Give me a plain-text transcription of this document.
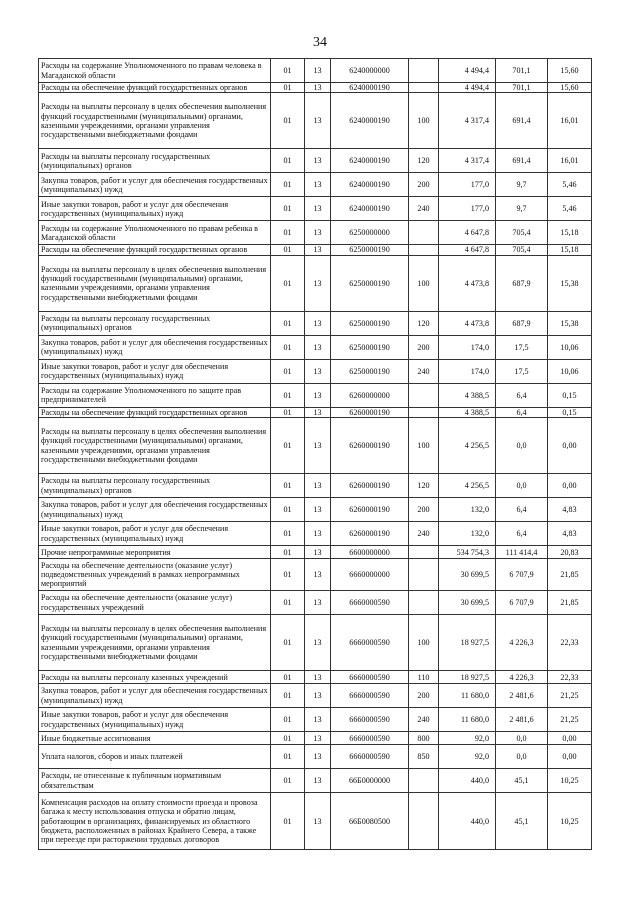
34
Расходы на содержание Уполномоченного по правам человека в Магаданской области	01	13	6240000000		4 494,4	701,1	15,60
Расходы на обеспечение функций государственных органов	01	13	6240000190		4 494,4	701,1	15,60
Расходы на выплаты персоналу в целях обеспечения выполнения функций государственными (муниципальными) органами, казенными учреждениями, органами управления государственными внебюджетными фондами	01	13	6240000190	100	4 317,4	691,4	16,01
Расходы на выплаты персоналу государственных (муниципальных) органов	01	13	6240000190	120	4 317,4	691,4	16,01
Закупка товаров, работ и услуг для обеспечения государственных (муниципальных) нужд	01	13	6240000190	200	177,0	9,7	5,46
Иные закупки товаров, работ и услуг для обеспечения государственных (муниципальных) нужд	01	13	6240000190	240	177,0	9,7	5,46
Расходы на содержание Уполномоченного по правам ребенка в Магаданской области	01	13	6250000000		4 647,8	705,4	15,18
Расходы на обеспечение функций государственных органов	01	13	6250000190		4 647,8	705,4	15,18
Расходы на выплаты персоналу в целях обеспечения выполнения функций государственными (муниципальными) органами, казенными учреждениями, органами управления государственными внебюджетными фондами	01	13	6250000190	100	4 473,8	687,9	15,38
Расходы на выплаты персоналу государственных (муниципальных) органов	01	13	6250000190	120	4 473,8	687,9	15,38
Закупка товаров, работ и услуг для обеспечения государственных (муниципальных) нужд	01	13	6250000190	200	174,0	17,5	10,06
Иные закупки товаров, работ и услуг для обеспечения государственных (муниципальных) нужд	01	13	6250000190	240	174,0	17,5	10,06
Расходы на содержание Уполномоченного по защите прав предпринимателей	01	13	6260000000		4 388,5	6,4	0,15
Расходы на обеспечение функций государственных органов	01	13	6260000190		4 388,5	6,4	0,15
Расходы на выплаты персоналу в целях обеспечения выполнения функций государственными (муниципальными) органами, казенными учреждениями, органами управления государственными внебюджетными фондами	01	13	6260000190	100	4 256,5	0,0	0,00
Расходы на выплаты персоналу государственных (муниципальных) органов	01	13	6260000190	120	4 256,5	0,0	0,00
Закупка товаров, работ и услуг для обеспечения государственных (муниципальных) нужд	01	13	6260000190	200	132,0	6,4	4,83
Иные закупки товаров, работ и услуг для обеспечения государственных (муниципальных) нужд	01	13	6260000190	240	132,0	6,4	4,83
Прочие непрограммные мероприятия	01	13	6600000000		534 754,3	111 414,4	20,83
Расходы на обеспечение деятельности (оказание услуг) подведомственных учреждений в рамках непрограммных мероприятий	01	13	6660000000		30 699,5	6 707,9	21,85
Расходы на обеспечение деятельности (оказание услуг) государственных учреждений	01	13	6660000590		30 699,5	6 707,9	21,85
Расходы на выплаты персоналу в целях обеспечения выполнения функций государственными (муниципальными) органами, казенными учреждениями, органами управления государственными внебюджетными фондами	01	13	6660000590	100	18 927,5	4 226,3	22,33
Расходы на выплаты персоналу казенных учреждений	01	13	6660000590	110	18 927,5	4 226,3	22,33
Закупка товаров, работ и услуг для обеспечения государственных (муниципальных) нужд	01	13	6660000590	200	11 680,0	2 481,6	21,25
Иные закупки товаров, работ и услуг для обеспечения государственных (муниципальных) нужд	01	13	6660000590	240	11 680,0	2 481,6	21,25
Иные бюджетные ассигнования	01	13	6660000590	800	92,0	0,0	0,00
Уплата налогов, сборов и иных платежей	01	13	6660000590	850	92,0	0,0	0,00
Расходы, не отнесенные к публичным нормативным обязательствам	01	13	66Б0000000		440,0	45,1	10,25
Компенсация расходов на оплату стоимости проезда и провоза багажа к месту использования отпуска и обратно лицам, работающим в организациях, финансируемых из областного бюджета, расположенных в районах Крайнего Севера, а также при переезде при расторжении трудовых договоров	01	13	66Б0080500		440,0	45,1	10,25
